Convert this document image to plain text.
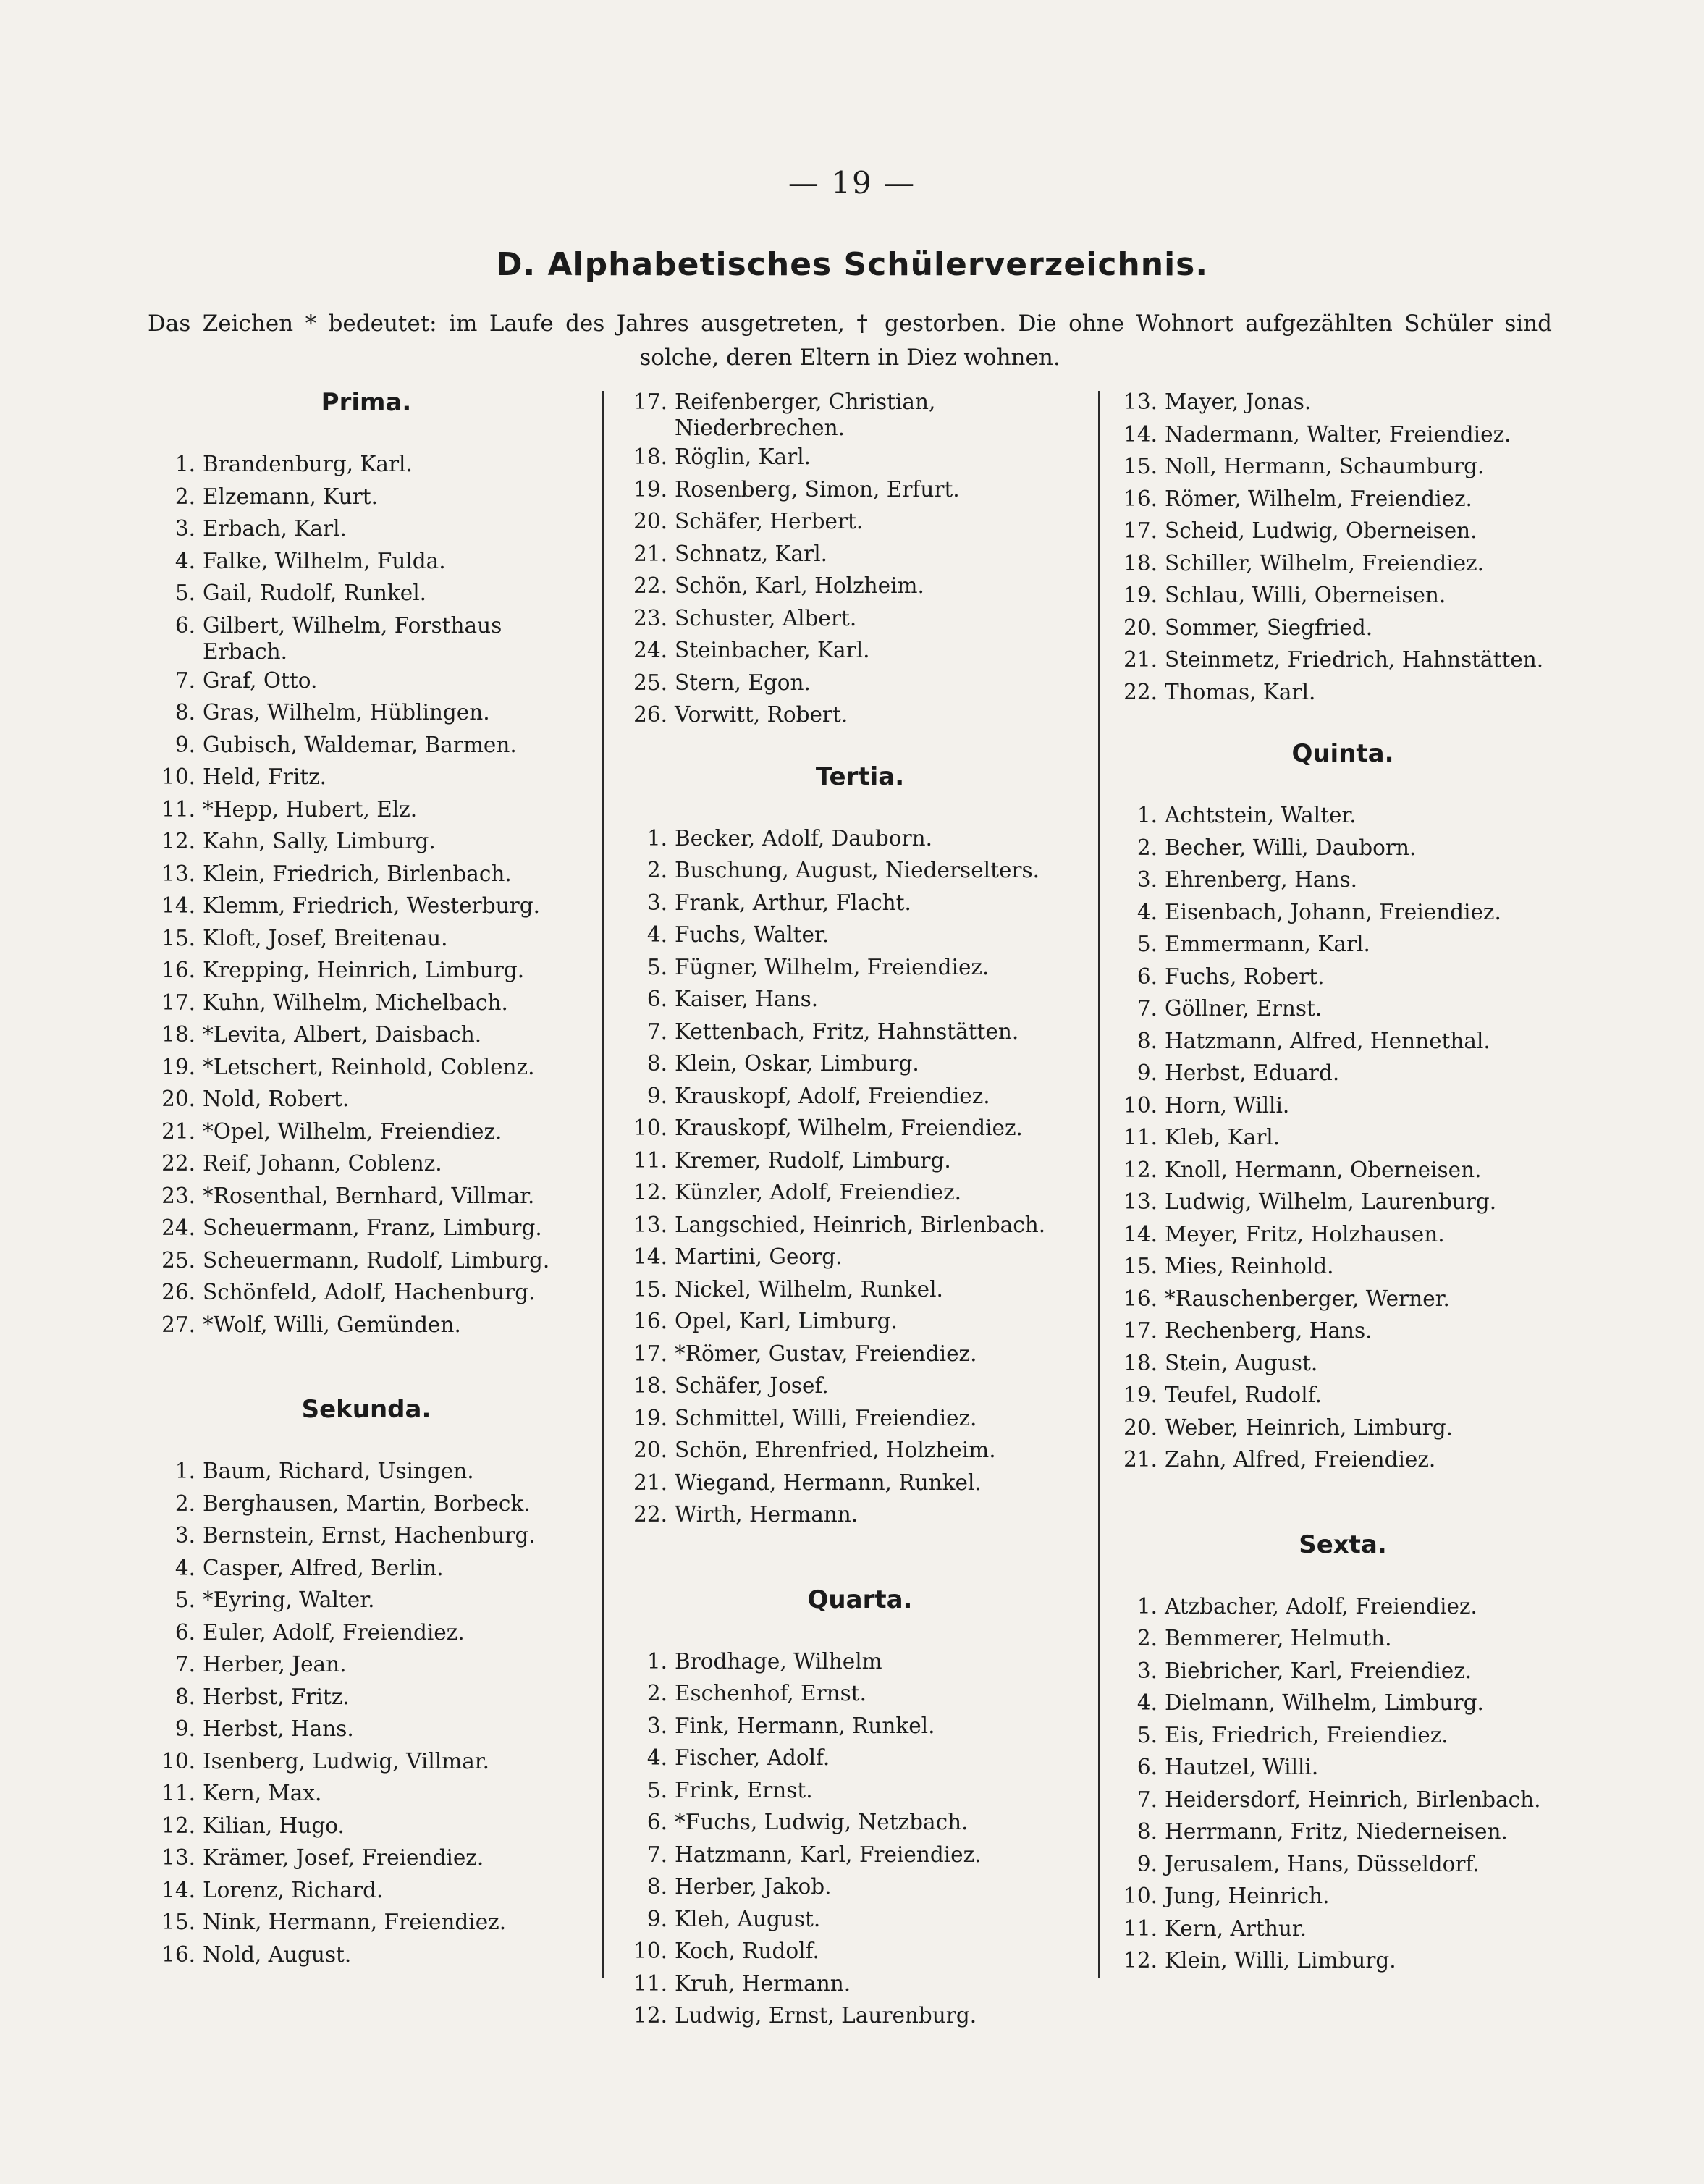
— 19 —
D. Alphabetisches Schülerverzeichnis.
Das Zeichen * bedeutet: im Laufe des Jahres ausgetreten, † gestorben. Die ohne Wohnort aufgezählten Schüler sind solche, deren Eltern in Diez wohnen.
Prima.
1. Brandenburg, Karl.
2. Elzemann, Kurt.
3. Erbach, Karl.
4. Falke, Wilhelm, Fulda.
5. Gail, Rudolf, Runkel.
6. Gilbert, Wilhelm, Forsthaus Erbach.
7. Graf, Otto.
8. Gras, Wilhelm, Hüblingen.
9. Gubisch, Waldemar, Barmen.
10. Held, Fritz.
11. *Hepp, Hubert, Elz.
12. Kahn, Sally, Limburg.
13. Klein, Friedrich, Birlenbach.
14. Klemm, Friedrich, Westerburg.
15. Kloft, Josef, Breitenau.
16. Krepping, Heinrich, Limburg.
17. Kuhn, Wilhelm, Michelbach.
18. *Levita, Albert, Daisbach.
19. *Letschert, Reinhold, Coblenz.
20. Nold, Robert.
21. *Opel, Wilhelm, Freiendiez.
22. Reif, Johann, Coblenz.
23. *Rosenthal, Bernhard, Villmar.
24. Scheuermann, Franz, Limburg.
25. Scheuermann, Rudolf, Limburg.
26. Schönfeld, Adolf, Hachenburg.
27. *Wolf, Willi, Gemünden.
Sekunda.
1. Baum, Richard, Usingen.
2. Berghausen, Martin, Borbeck.
3. Bernstein, Ernst, Hachenburg.
4. Casper, Alfred, Berlin.
5. *Eyring, Walter.
6. Euler, Adolf, Freiendiez.
7. Herber, Jean.
8. Herbst, Fritz.
9. Herbst, Hans.
10. Isenberg, Ludwig, Villmar.
11. Kern, Max.
12. Kilian, Hugo.
13. Krämer, Josef, Freiendiez.
14. Lorenz, Richard.
15. Nink, Hermann, Freiendiez.
16. Nold, August.
17. Reifenberger, Christian, Niederbrechen.
18. Röglin, Karl.
19. Rosenberg, Simon, Erfurt.
20. Schäfer, Herbert.
21. Schnatz, Karl.
22. Schön, Karl, Holzheim.
23. Schuster, Albert.
24. Steinbacher, Karl.
25. Stern, Egon.
26. Vorwitt, Robert.
Tertia.
1. Becker, Adolf, Dauborn.
2. Buschung, August, Niederselters.
3. Frank, Arthur, Flacht.
4. Fuchs, Walter.
5. Fügner, Wilhelm, Freiendiez.
6. Kaiser, Hans.
7. Kettenbach, Fritz, Hahnstätten.
8. Klein, Oskar, Limburg.
9. Krauskopf, Adolf, Freiendiez.
10. Krauskopf, Wilhelm, Freiendiez.
11. Kremer, Rudolf, Limburg.
12. Künzler, Adolf, Freiendiez.
13. Langschied, Heinrich, Birlenbach.
14. Martini, Georg.
15. Nickel, Wilhelm, Runkel.
16. Opel, Karl, Limburg.
17. *Römer, Gustav, Freiendiez.
18. Schäfer, Josef.
19. Schmittel, Willi, Freiendiez.
20. Schön, Ehrenfried, Holzheim.
21. Wiegand, Hermann, Runkel.
22. Wirth, Hermann.
Quarta.
1. Brodhage, Wilhelm
2. Eschenhof, Ernst.
3. Fink, Hermann, Runkel.
4. Fischer, Adolf.
5. Frink, Ernst.
6. *Fuchs, Ludwig, Netzbach.
7. Hatzmann, Karl, Freiendiez.
8. Herber, Jakob.
9. Kleh, August.
10. Koch, Rudolf.
11. Kruh, Hermann.
12. Ludwig, Ernst, Laurenburg.
13. Mayer, Jonas.
14. Nadermann, Walter, Freiendiez.
15. Noll, Hermann, Schaumburg.
16. Römer, Wilhelm, Freiendiez.
17. Scheid, Ludwig, Oberneisen.
18. Schiller, Wilhelm, Freiendiez.
19. Schlau, Willi, Oberneisen.
20. Sommer, Siegfried.
21. Steinmetz, Friedrich, Hahnstätten.
22. Thomas, Karl.
Quinta.
1. Achtstein, Walter.
2. Becher, Willi, Dauborn.
3. Ehrenberg, Hans.
4. Eisenbach, Johann, Freiendiez.
5. Emmermann, Karl.
6. Fuchs, Robert.
7. Göllner, Ernst.
8. Hatzmann, Alfred, Hennethal.
9. Herbst, Eduard.
10. Horn, Willi.
11. Kleb, Karl.
12. Knoll, Hermann, Oberneisen.
13. Ludwig, Wilhelm, Laurenburg.
14. Meyer, Fritz, Holzhausen.
15. Mies, Reinhold.
16. *Rauschenberger, Werner.
17. Rechenberg, Hans.
18. Stein, August.
19. Teufel, Rudolf.
20. Weber, Heinrich, Limburg.
21. Zahn, Alfred, Freiendiez.
Sexta.
1. Atzbacher, Adolf, Freiendiez.
2. Bemmerer, Helmuth.
3. Biebricher, Karl, Freiendiez.
4. Dielmann, Wilhelm, Limburg.
5. Eis, Friedrich, Freiendiez.
6. Hautzel, Willi.
7. Heidersdorf, Heinrich, Birlenbach.
8. Herrmann, Fritz, Niederneisen.
9. Jerusalem, Hans, Düsseldorf.
10. Jung, Heinrich.
11. Kern, Arthur.
12. Klein, Willi, Limburg.
